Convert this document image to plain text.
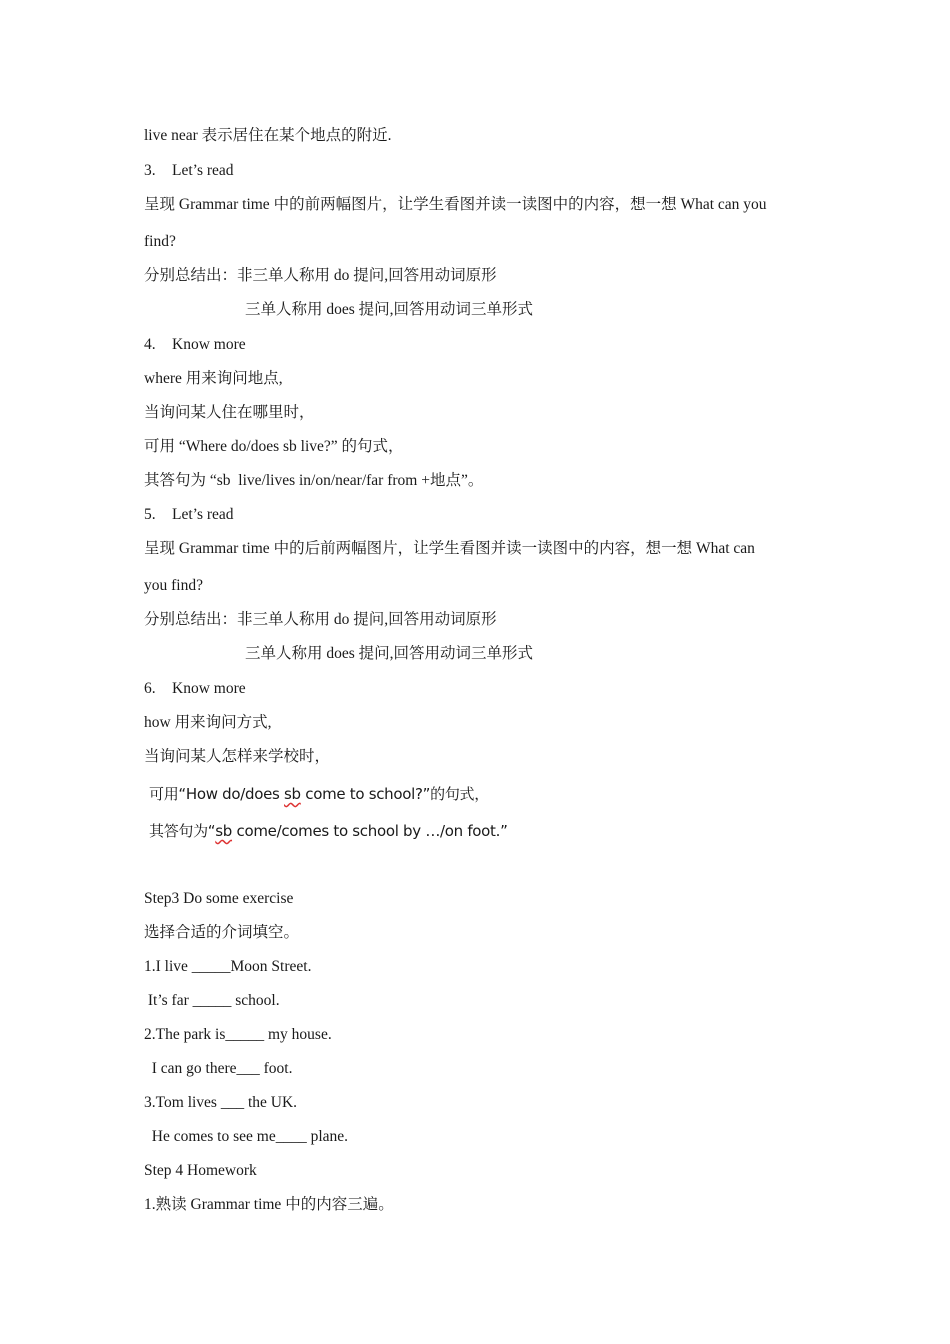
live near 表示居住在某个地点的附近.
3. Let’s read
呈现 Grammar time 中的前两幅图片，让学生看图并读一读图中的内容，想一想 What can you
find?
分别总结出：非三单人称用 do 提问,回答用动词原形
三单人称用 does 提问,回答用动词三单形式
4. Know more
where 用来询问地点,
当询问某人住在哪里时，
可用 “Where do/does sb live?” 的句式，
其答句为 “sb  live/lives in/on/near/far from +地点”。
5. Let’s read
呈现 Grammar time 中的后前两幅图片，让学生看图并读一读图中的内容，想一想 What can
you find?
分别总结出：非三单人称用 do 提问,回答用动词原形
三单人称用 does 提问,回答用动词三单形式
6. Know more
how 用来询问方式,
当询问某人怎样来学校时，
可用“How do/does sb come to school?”的句式，
其答句为“sb come/comes to school by …/on foot.”
Step3 Do some exercise
选择合适的介词填空。
1.I live _____Moon Street.
It’s far _____ school.
2.The park is_____ my house.
I can go there___ foot.
3.Tom lives ___ the UK.
He comes to see me____ plane.
Step 4 Homework
1.熟读 Grammar time 中的内容三遍。
